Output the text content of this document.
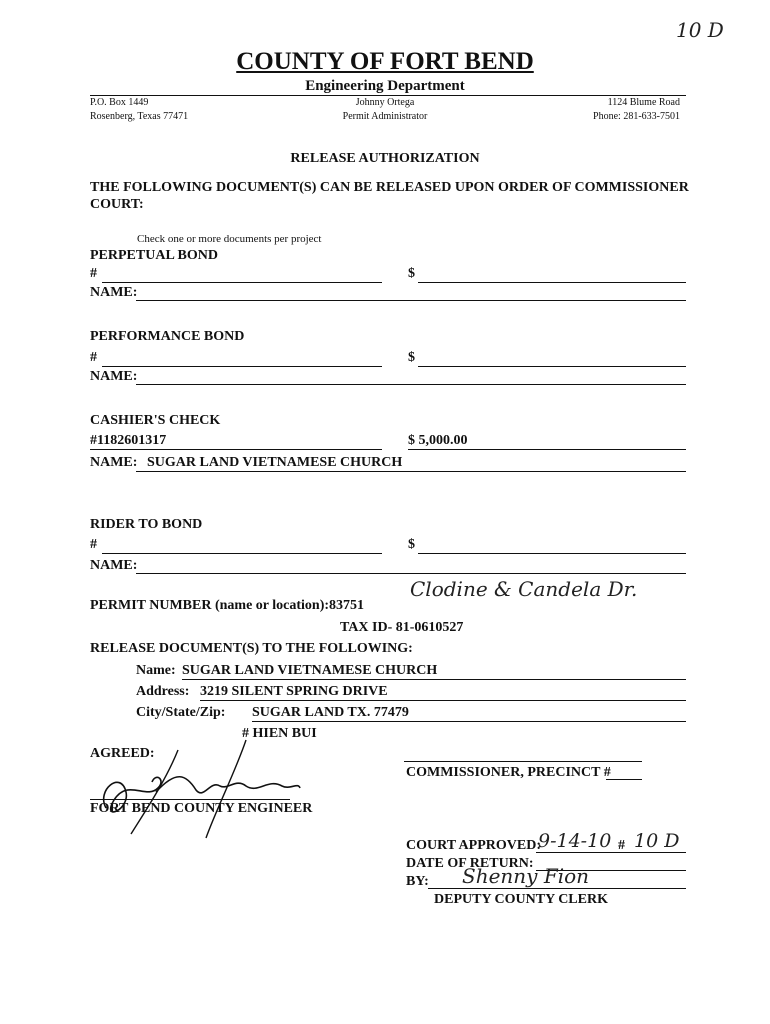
10 D
COUNTY OF FORT BEND
Engineering Department
P.O. Box 1449
Rosenberg, Texas 77471
Johnny Ortega
Permit Administrator
1124 Blume Road
Phone: 281-633-7501
RELEASE AUTHORIZATION
THE FOLLOWING DOCUMENT(S) CAN BE RELEASED UPON ORDER OF COMMISSIONER
COURT:
Check one or more documents per project
PERPETUAL BOND
#	$
NAME:
PERFORMANCE BOND
#	$
NAME:
CASHIER'S CHECK
#1182601317	$ 5,000.00
NAME: SUGAR LAND VIETNAMESE CHURCH
RIDER TO BOND
#	$
NAME:
Clodine & Candela Dr.
PERMIT NUMBER (name or location):83751
TAX ID- 81-0610527
RELEASE DOCUMENT(S) TO THE FOLLOWING:
Name: SUGAR LAND VIETNAMESE CHURCH
Address: 3219 SILENT SPRING DRIVE
City/State/Zip: SUGAR LAND TX. 77479
# HIEN BUI
AGREED:
FORT BEND COUNTY ENGINEER
COMMISSIONER, PRECINCT #
COURT APPROVED:
9-14-10 # 10 D
DATE OF RETURN:
BY: Shenny Fion
DEPUTY COUNTY CLERK
